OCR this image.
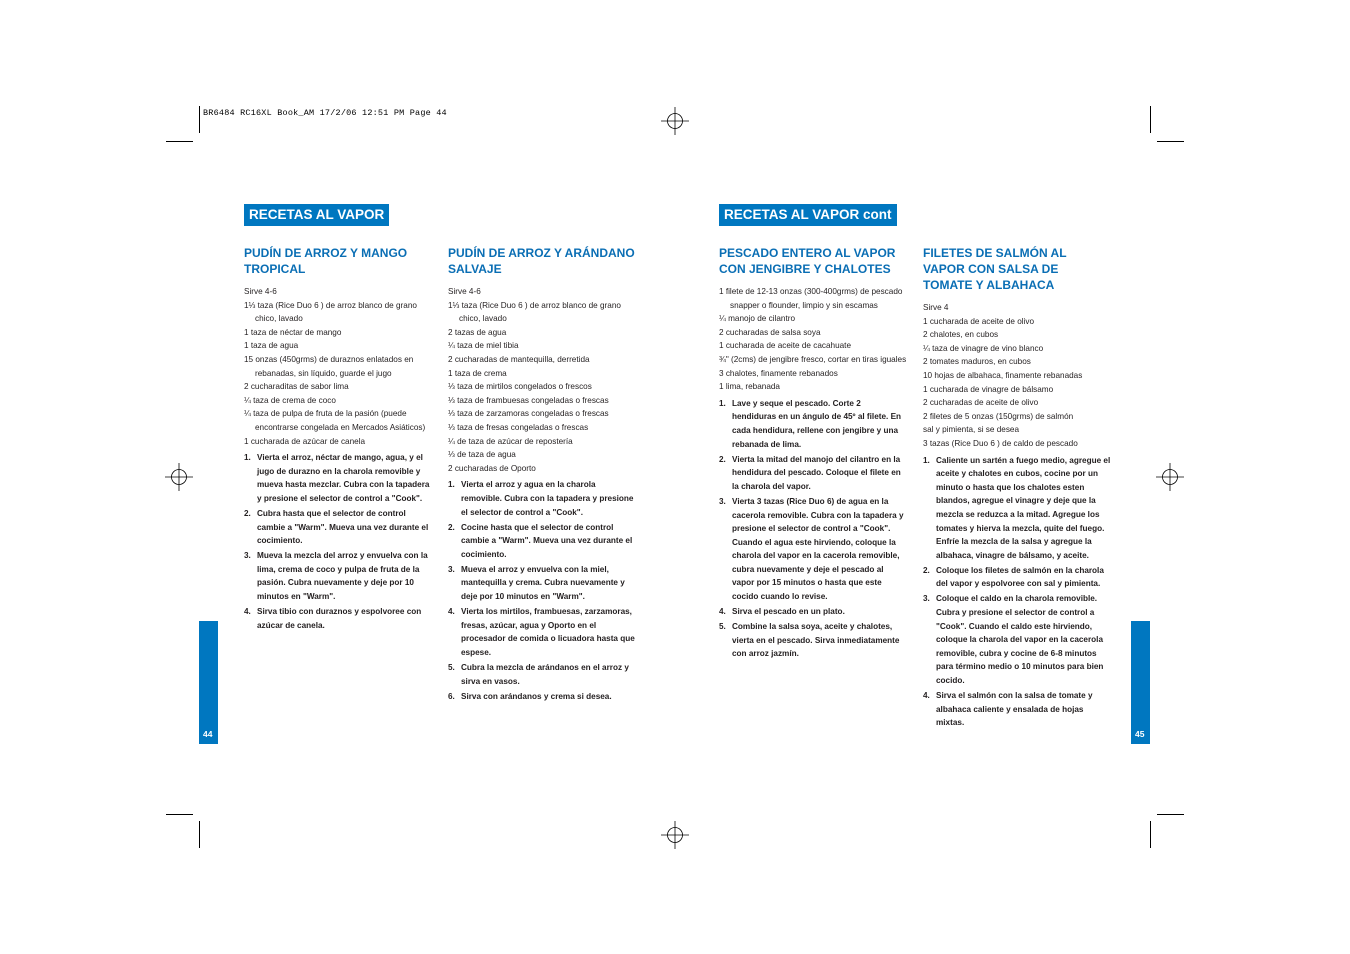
BR6484 RC16XL Book_AM 17/2/06 12:51 PM Page 44
RECETAS AL VAPOR
PUDÍN DE ARROZ Y MANGO TROPICAL

Sirve 4-6

1⅓ taza (Rice Duo 6 ) de arroz blanco de grano chico, lavado

1 taza de néctar de mango

1 taza de agua

15 onzas (450grms) de duraznos enlatados en rebanadas, sin líquido, guarde el jugo

2 cucharaditas de sabor lima

¼ taza de crema de coco

¼ taza de pulpa de fruta de la pasión (puede encontrarse congelada en Mercados Asiáticos)

1 cucharada de azúcar de canela

1. Vierta el arroz, néctar de mango, agua, y el jugo de durazno en la charola removible y mueva hasta mezclar. Cubra con la tapadera y presione el selector de control a "Cook".
2. Cubra hasta que el selector de control cambie a "Warm". Mueva una vez durante el cocimiento.
3. Mueva la mezcla del arroz y envuelva con la lima, crema de coco y pulpa de fruta de la pasión. Cubra nuevamente y deje por 10 minutos en "Warm".
4. Sirva tibio con duraznos y espolvoree con azúcar de canela.
PUDÍN DE ARROZ Y ARÁNDANO SALVAJE

Sirve 4-6

1⅓ taza (Rice Duo 6 ) de arroz blanco de grano chico, lavado

2 tazas de agua

¼ taza de miel tibia

2 cucharadas de mantequilla, derretida

1 taza de crema

⅓ taza de mirtilos congelados o frescos

⅓ taza de frambuesas congeladas o frescas

⅓ taza de zarzamoras congeladas o frescas

⅓ taza de fresas congeladas o frescas

¼ de taza de azúcar de repostería

⅓ de taza de agua

2 cucharadas de Oporto

1. Vierta el arroz y agua en la charola removible. Cubra con la tapadera y presione el selector de control a "Cook".
2. Cocine hasta que el selector de control cambie a "Warm". Mueva una vez durante el cocimiento.
3. Mueva el arroz y envuelva con la miel, mantequilla y crema. Cubra nuevamente y deje por 10 minutos en "Warm".
4. Vierta los mirtilos, frambuesas, zarzamoras, fresas, azúcar, agua y Oporto en el procesador de comida o licuadora hasta que espese.
5. Cubra la mezcla de arándanos en el arroz y sirva en vasos.
6. Sirva con arándanos y crema si desea.
44
RECETAS AL VAPOR cont
PESCADO ENTERO AL VAPOR CON JENGIBRE Y CHALOTES

1 filete de 12-13 onzas (300-400grms) de pescado snapper o flounder, limpio y sin escamas

¼ manojo de cilantro

2 cucharadas de salsa soya

1 cucharada de aceite de cacahuate

¾" (2cms) de jengibre fresco, cortar en tiras iguales

3 chalotes, finamente rebanados

1 lima, rebanada

1. Lave y seque el pescado. Corte 2 hendiduras en un ángulo de 45º al filete. En cada hendidura, rellene con jengibre y una rebanada de lima.
2. Vierta la mitad del manojo del cilantro en la hendidura del pescado. Coloque el filete en la charola del vapor.
3. Vierta 3 tazas (Rice Duo 6) de agua en la cacerola removible. Cubra con la tapadera y presione el selector de control a "Cook". Cuando el agua este hirviendo, coloque la charola del vapor en la cacerola removible, cubra nuevamente y deje el pescado al vapor por 15 minutos o hasta que este cocido cuando lo revise.
4. Sirva el pescado en un plato.
5. Combine la salsa soya, aceite y chalotes, vierta en el pescado. Sirva inmediatamente con arroz jazmín.
FILETES DE SALMÓN AL VAPOR CON SALSA DE TOMATE Y ALBAHACA

Sirve 4

1 cucharada de aceite de olivo

2 chalotes, en cubos

¼ taza de vinagre de vino blanco

2 tomates maduros, en cubos

10 hojas de albahaca, finamente rebanadas

1 cucharada de vinagre de bálsamo

2 cucharadas de aceite de olivo

2 filetes de 5 onzas (150grms) de salmón

sal y pimienta, si se desea

3 tazas (Rice Duo 6 ) de caldo de pescado

1. Caliente un sartén a fuego medio, agregue el aceite y chalotes en cubos, cocine por un minuto o hasta que los chalotes esten blandos, agregue el vinagre y deje que la mezcla se reduzca a la mitad. Agregue los tomates y hierva la mezcla, quite del fuego. Enfríe la mezcla de la salsa y agregue la albahaca, vinagre de bálsamo, y aceite.
2. Coloque los filetes de salmón en la charola del vapor y espolvoree con sal y pimienta.
3. Coloque el caldo en la charola removible. Cubra y presione el selector de control a "Cook". Cuando el caldo este hirviendo, coloque la charola del vapor en la cacerola removible, cubra y cocine de 6-8 minutos para término medio o 10 minutos para bien cocido.
4. Sirva el salmón con la salsa de tomate y albahaca caliente y ensalada de hojas mixtas.
45
